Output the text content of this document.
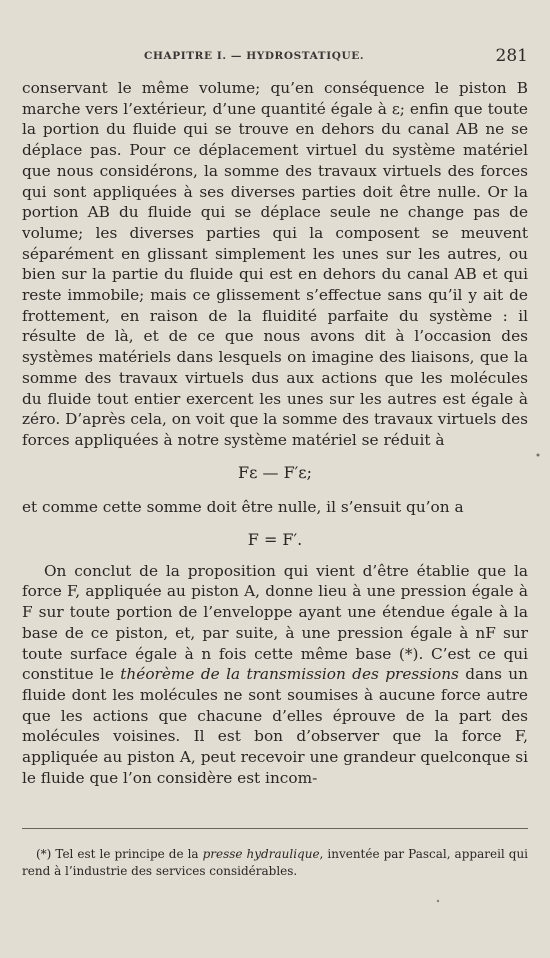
CHAPITRE I. — HYDROSTATIQUE.	281

conservant le même volume; qu’en conséquence le piston B marche vers l’extérieur, d’une quantité égale à ε; enfin que toute la portion du fluide qui se trouve en dehors du canal AB ne se déplace pas. Pour ce déplacement virtuel du système matériel que nous considérons, la somme des travaux virtuels des forces qui sont appliquées à ses diverses parties doit être nulle. Or la portion AB du fluide qui se déplace seule ne change pas de volume; les diverses parties qui la composent se meuvent séparément en glissant simplement les unes sur les autres, ou bien sur la partie du fluide qui est en dehors du canal AB et qui reste immobile; mais ce glissement s’effectue sans qu’il y ait de frottement, en raison de la fluidité parfaite du système : il résulte de là, et de ce que nous avons dit à l’occasion des systèmes matériels dans lesquels on imagine des liaisons, que la somme des travaux virtuels dus aux actions que les molécules du fluide tout entier exercent les unes sur les autres est égale à zéro. D’après cela, on voit que la somme des travaux virtuels des forces appliquées à notre système matériel se réduit à

Fε — F′ε;

et comme cette somme doit être nulle, il s’ensuit qu’on a

F = F′.

On conclut de la proposition qui vient d’être établie que la force F, appliquée au piston A, donne lieu à une pression égale à F sur toute portion de l’enveloppe ayant une étendue égale à la base de ce piston, et, par suite, à une pression égale à nF sur toute surface égale à n fois cette même base (*). C’est ce qui constitue le théorème de la transmission des pressions dans un fluide dont les molécules ne sont soumises à aucune force autre que les actions que chacune d’elles éprouve de la part des molécules voisines. Il est bon d’observer que la force F, appliquée au piston A, peut recevoir une grandeur quelconque si le fluide que l’on considère est incom-

(*) Tel est le principe de la presse hydraulique, inventée par Pascal, appareil qui rend à l’industrie des services considérables.
